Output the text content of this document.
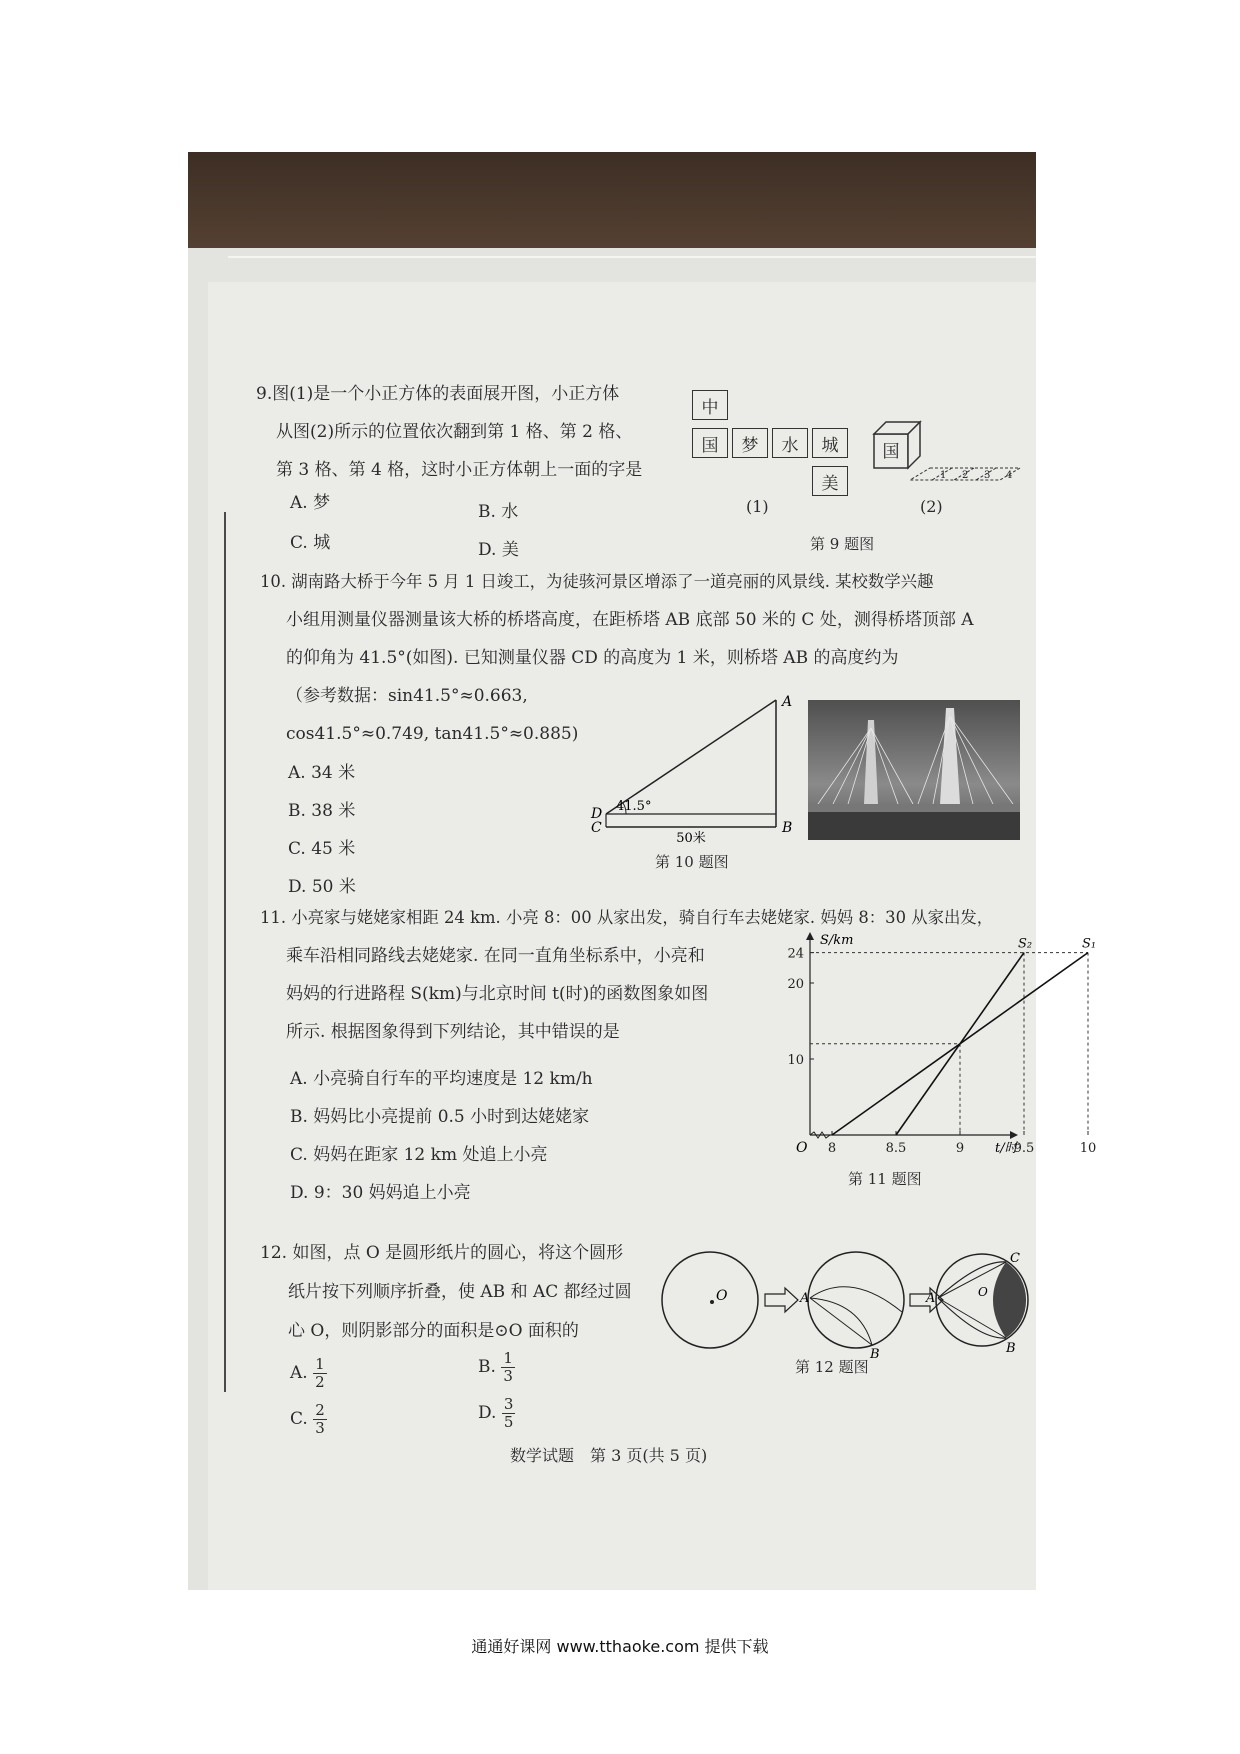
9.图(1)是一个小正方体的表面展开图，小正方体
从图(2)所示的位置依次翻到第 1 格、第 2 格、
第 3 格、第 4 格，这时小正方体朝上一面的字是
A. 梦	B. 水
C. 城	D. 美
中
国	梦	水	城
美
(1)
国
1 2 3 4
(2)
第 9 题图
10. 湖南路大桥于今年 5 月 1 日竣工，为徒骇河景区增添了一道亮丽的风景线. 某校数学兴趣
小组用测量仪器测量该大桥的桥塔高度，在距桥塔 AB 底部 50 米的 C 处，测得桥塔顶部 A
的仰角为 41.5°(如图). 已知测量仪器 CD 的高度为 1 米，则桥塔 AB 的高度约为
（参考数据：sin41.5°≈0.663,
cos41.5°≈0.749, tan41.5°≈0.885)
A. 34 米
B. 38 米
C. 45 米
D. 50 米
A
B
D
C
41.5°
50米
第 10 题图
11. 小亮家与姥姥家相距 24 km. 小亮 8：00 从家出发，骑自行车去姥姥家. 妈妈 8：30 从家出发，
乘车沿相同路线去姥姥家. 在同一直角坐标系中，小亮和
妈妈的行进路程 S(km)与北京时间 t(时)的函数图象如图
所示. 根据图象得到下列结论，其中错误的是
A. 小亮骑自行车的平均速度是 12 km/h
B. 妈妈比小亮提前 0.5 小时到达姥姥家
C. 妈妈在距家 12 km 处追上小亮
D. 9：30 妈妈追上小亮
O
S/km
t/时
8	8.5	9	9.5	10
10
20
24
S₁
S₂
第 11 题图
12. 如图，点 O 是圆形纸片的圆心，将这个圆形
纸片按下列顺序折叠，使 AB 和 AC 都经过圆
心 O，则阴影部分的面积是⊙O 面积的
A. $\frac{1}{2}$	B. $\frac{1}{3}$
C. $\frac{2}{3}$	D. $\frac{3}{5}$
O	A
B
A
C
B
O
第 12 题图
数学试题　第 3 页(共 5 页)
通通好课网 www.tthaoke.com 提供下载
